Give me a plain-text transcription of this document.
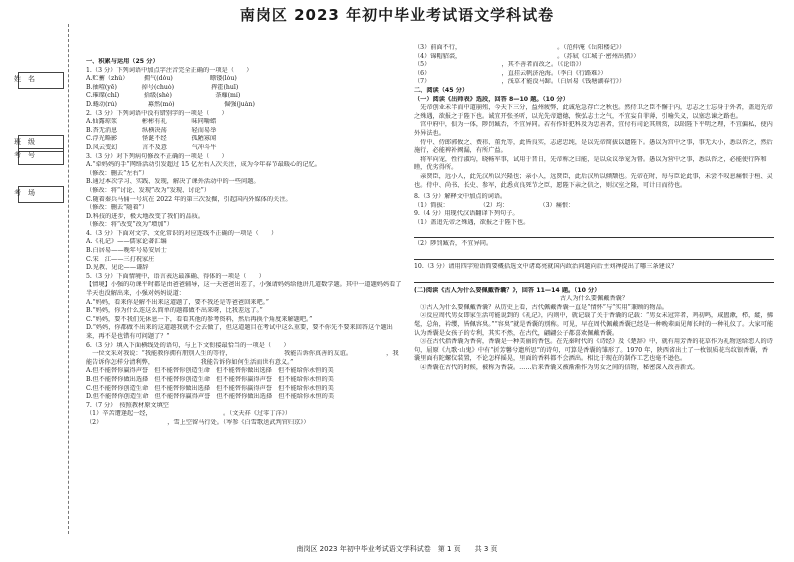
南岗区 2023 年初中毕业考试语文学科试卷
姓　名
班　级
考　号
考　场
一、积累与运用（25 分）
1.（3 分）下列词语中加点字注音完全正确的一项是（　　）
A.贮蓄（zhǔ）　　　拥气(dǒu)　　　　　　瞟镂(lòu)
B.抽噎(yē)　　　　掉号(chuò)　　　　　　挥霍(huī)
C.璀璨(chǐ)　　　　拾级(shè)　　　　　　　荼蘼(mí)
D.蜷动(rú)　　　　　募然(mò)　　　　　　　　倔强(juàn)
2.（3 分）下列词语中没有错别字的一项是（　　）
A.仙露琼浆　　　　彬彬有礼　　　　味同嚼蜡
B.杳无消息　　　　纵横决荡　　　　轻而易举
C.浮光略影　　　　怪诞不经　　　　孤陋寡闻
D.风云变幻　　　　言不及意　　　　气冲斗牛
3.（3 分）对下列病句修改不正确的一项是（　　）
A.“牵妈妈的手”网络活动引发超过 15 亿左右人次关注，成为今年春节最暖心的记忆。
（修改：删去“左右”）
B.通过本次学习、实践、发现，解决了课外活动中的一些问题。
（修改：将“讨论、发现”改为“发现、讨论”）
C.随着秦兵马俑一号坑在 2022 年的第三次发掘，引起国内外媒体的关注。
（修改：删去“随着”）
D.科技的进步，极大地改变了我们的品质。
（修改：将“改变”改为“增加”）
4.（3 分）下面对文学、文化常识的对应连线不正确的一项是（　　）
A.《礼记》——儒家论著汇编
B.白居易——晚年号易安居士
C.宋　江——三打祝家庄
D.见教、见论——谦辞
5.（3 分）下面情境中，语言表达最准确、得体的一项是（　　）
【情境】小强的功课平时都是由爸爸辅导，这一天爸爸出差了，小强请妈妈给他讲几道数学题。其中一道题妈妈看了半天也没解出来，小强对妈妈说道：
A.“妈妈，看来你是解不出来这道题了，要不我还是等爸爸回来吧。”
B.“妈妈，你为什么连这么简单的题都做不出来呀，比我差远了。”
C.“妈妈，要不我们先休息一下，看看其他的参考资料，然后再换个角度来解题吧。”
D.“妈妈，你都做不出来的这道题我就不会去做了，但这道题目在考试中这么重要，要不你先不要来回答这个题出来，再不是也错有可问题了？”
6.（3 分）填入下面横线处的语句，与上下文衔接最恰当的一项是（　　）
　一位文采对我说：“我能教你拥有朋别人生的等待，　　　　　　　　　我能告诉你真善的友谊。　　　　　　，我能告诉你怎样分清利弊，　　　　　　　　我能告诉你如何生活而世有意义。”
A.但不能替你赢得声誉　但不能替你创造生命　但不能替你做出选择　但不能给你永恒的美
B.但不能替你做出选择　但不能替你创造生命　但不能替你赢得声誉　但不能给你永恒的美
C.但不能替你创造生命　但不能替你做出选择　但不能替你赢得声誉　但不能给你永恒的美
D.但不能替你创造生命　但不能替你赢得声誉　但不能替你做出选择　但不能给你永恒的美
7.（7 分）　按照教材原文填空
（1）辛苦遭逢起一经，　　　　　　　　　　　　。（文天祥《过零丁洋》）
（2）　　　　　　　　　　　，雪上空留马行处。（岑参《白雪歌送武判官归京》）
（3）前面不行，　　　　　　　　　　　　　　　　。（范仲淹《岳阳楼记》）
（4）锦帽貂裘，　　　　　　　　　　　　　　　　。（苏轼《江城子·密州出猎》）
（5）　　　　　　　　　　　　，其不善者而改之。（《论语》）
（6）　　　　　　　　　　　　，直挂云帆济沧海。（李白《行路难》）
（7）　　　　　　　　　　　　，浅草才能没马蹄。（白居易《钱塘湖春行》）
二、阅读（45 分）
（一）阅读《出师表》选段，回答 8—10 题。（10 分）
　先帝创业未半而中道崩殂，今天下三分，益州疲弊，此诚危急存亡之秋也。然侍卫之臣不懈于内，忠志之士忘身于外者，盖追先帝之殊遇，欲报之于陛下也。诚宜开张圣听，以光先帝遗德，恢弘志士之气，不宜妄自菲薄，引喻失义，以塞忠谏之路也。
　宫中府中，俱为一体，陟罚臧否，不宜异同。若有作奸犯科及为忠善者，宜付有司论其刑赏，以昭陛下平明之理，不宜偏私，使内外异法也。
　侍中、侍郎郭攸之、费祎、董允等，此皆良实，志虑忠纯，是以先帝简拔以遗陛下。愚以为宫中之事，事无大小，悉以咨之，然后施行，必能裨补阙漏，有所广益。
　将军向宠，性行淑均，晓畅军事，试用于昔日，先帝称之曰能，是以众议举宠为督。愚以为营中之事，悉以咨之，必能使行阵和睦，优劣得所。
　亲贤臣，远小人，此先汉所以兴隆也；亲小人，远贤臣，此后汉所以倾颓也。先帝在时，每与臣论此事，未尝不叹息痛恨于桓、灵也。侍中、尚书、长史、参军，此悉贞良死节之臣，愿陛下亲之信之，则汉室之隆，可计日而待也。
8.（3 分）解释文中加点的词语。
（1）简拔：　　　　　　（2）均：　　　　　　（3）痛恨：
9.（4 分）用现代汉语翻译下列句子。
（1）盖追先帝之殊遇，欲报之于陛下也。
（2）陟罚臧否，不宜异同。
10.（3 分）请用四字短语简要概括选文中诸葛亮就国内政治问题向后主刘禅提出了哪三条建议？
(二)阅读《古人为什么要佩戴香囊？》，回答 11—14 题。（10 分）
古人为什么要佩戴香囊？
　①古人为什么要佩戴香囊？从历史上看，古代佩戴香囊一直是“情怀”与“实用”兼顾的物品。
　②反应周代男女即家生活可能说到的《礼记》，内则中，就记载了关于香囊的记载：“男女未冠笄者，鸡初鸣，咸盥漱，栉，縰，拂髦，总角，衿缨，皆佩容臭。”“容臭”就是香囊的別称。可见，早在周代佩戴香囊已经是一种晚辈面见师长时的一种礼仪了。大家可能认为香囊是女孩子的专利，其实不然，在古代，翩翩公子都喜欢佩戴香囊。
　③在古代指香囊为香荷，香囊是一种美丽的香包。在先秦时代的《诗经》及《楚辞》中，就有用芳香的花草作为礼物送给恋人的诗句，屈原《九歌·山鬼》中有“折芳馨兮遗所思”的诗句，可算是香囊的雏形了。1970 年，陕西省出土了一枚银质花鸟纹银香囊，香囊里面有陀螺仪装置，不论怎样摇晃，里面的香料都不会洒出。相比于现在的制作工艺也毫不逊色。
　④香囊在古代的时候，被称为香袋。……后来香囊又被渐渐作为男女之间的信物，秘密深入改善新式。
南岗区 2023 年初中毕业考试语文学科试卷　第 1 页　　共 3 页
